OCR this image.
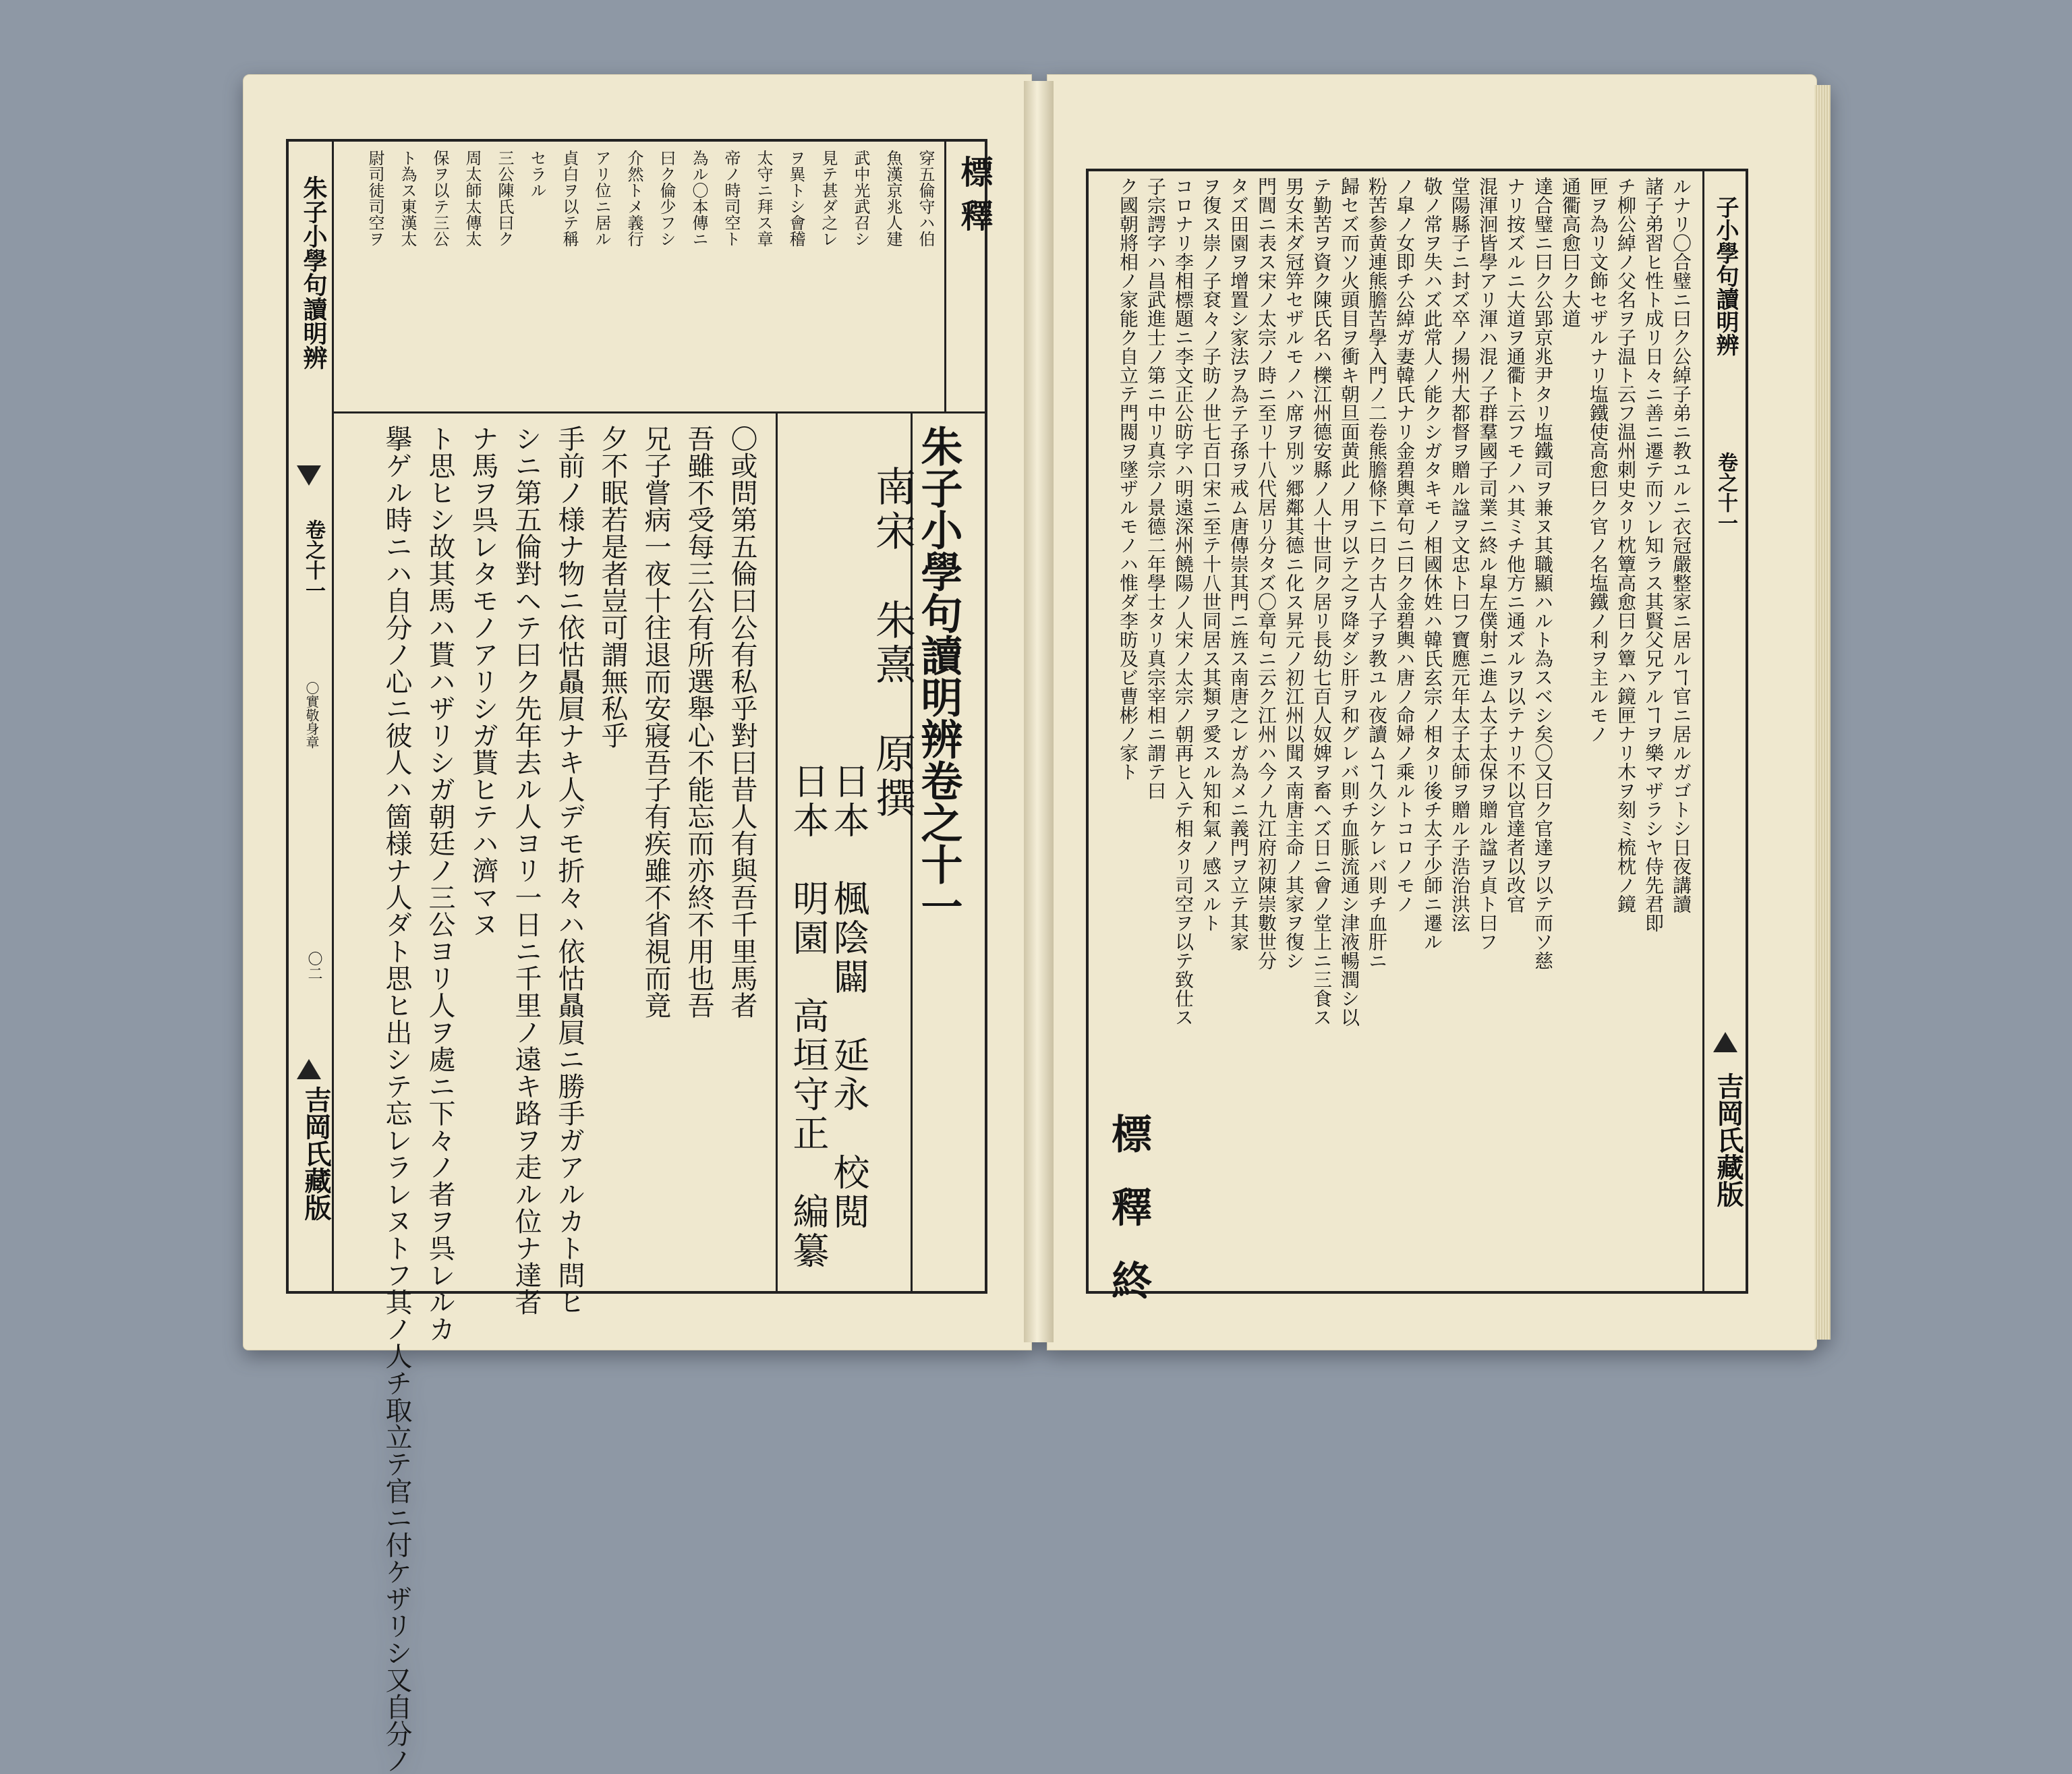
朱子小學句讀明辨
卷之十一
〇實敬身章
〇二
吉岡氏藏版
標 釋
穿五倫守ハ伯
魚漢京兆人建
武中光武召シ
見テ甚ダ之レ
ヲ異トシ會稽
太守ニ拜ス章
帝ノ時司空ト
為ル〇本傳ニ
曰ク倫少フシ
介然トメ義行
アリ位ニ居ル
貞白ヲ以テ稱
セラル
三公陳氏曰ク
周太師太傳太
保ヲ以テ三公
ト為ス東漢太
尉司徒司空ヲ
朱子小學句讀明辨卷之十一
南宋　朱熹　原撰
日本　楓陰闢　延永　校閲
日本　明園　高垣守正　編纂
〇或問第五倫曰公有私乎對曰昔人有與吾千里馬者
吾雖不受每三公有所選舉心不能忘而亦終不用也吾
兄子嘗病一夜十往退而安寢吾子有疾雖不省視而竟
夕不眠若是者豈可謂無私乎
手前ノ様ナ物ニ依怙贔屓ナキ人デモ折々ハ依怙贔屓ニ勝手ガアルカト問ヒ
シニ第五倫對ヘテ曰ク先年去ル人ヨリ一日ニ千里ノ遠キ路ヲ走ル位ナ達者
ナ馬ヲ呉レタモノアリシガ貰ヒテハ濟マヌ
ト思ヒシ故其馬ハ貰ハザリシガ朝廷ノ三公ヨリ人ヲ處ニ下々ノ者ヲ呉レルカ
擧ゲル時ニハ自分ノ心ニ彼人ハ箇様ナ人ダト思ヒ出シテ忘レラレヌトフ其ノ人チ取立テ官ニ付ケザリシ又自分ノ
子小學句讀明辨
卷之十一
吉岡氏藏版
ルナリ〇合璧ニ曰ク公綽子弟ニ教ユルニ衣冠嚴整家ニ居ルヿ官ニ居ルガゴトシ日夜講讀
諸子弟習ヒ性ト成リ日々ニ善ニ遷テ而ソレ知ラス其賢父兄アルヿヲ樂マザラシヤ侍先君即
チ柳公綽ノ父名ヲ子温ト云フ温州刺史タリ枕簟高愈曰ク簟ハ鏡匣ナリ木ヲ刻ミ梳枕ノ鏡
匣ヲ為リ文飾セザルナリ塩鐵使高愈曰ク官ノ名塩鐵ノ利ヲ主ルモノ
通衢高愈曰ク大道
達合璧ニ曰ク公郢京兆尹タリ塩鐵司ヲ兼ヌ其職顯ハルト為スベシ矣〇又曰ク官達ヲ以テ而ソ慈
ナリ按ズルニ大道ヲ通衢ト云フモノハ其ミチ他方ニ通ズルヲ以テナリ不以官達者以改官
混渾洄皆學アリ渾ハ混ノ子群羣國子司業ニ終ル皐左僕射ニ進ム太子太保ヲ贈ル諡ヲ貞ト曰フ
堂陽縣子ニ封ズ卒ノ揚州大都督ヲ贈ル諡ヲ文忠ト曰フ寶應元年太子太師ヲ贈ル子浩治洪泫
敬ノ常ヲ失ハズ此常人ノ能クシガタキモノ相國休姓ハ韓氏玄宗ノ相タリ後チ太子少師ニ遷ル
ノ皐ノ女即チ公綽ガ妻韓氏ナリ金碧輿章句ニ曰ク金碧輿ハ唐ノ命婦ノ乘ルトコロノモノ
粉苦参黄連熊膽苦學入門ノ二卷熊膽條下ニ曰ク古人子ヲ教ユル夜讀ムヿ久シケレバ則チ血肝ニ
歸セズ而ソ火頭目ヲ衝キ朝旦面黄此ノ用ヲ以テ之ヲ降ダシ肝ヲ和グレバ則チ血脈流通シ津液暢潤シ以
テ勤苦ヲ資ク陳氏名ハ櫟江州德安縣ノ人十世同ク居リ長幼七百人奴婢ヲ畜ヘズ日ニ會ノ堂上ニ三食ス
男女未ダ冠笄セザルモノハ席ヲ別ッ郷鄰其德ニ化ス昇元ノ初江州以聞ス南唐主命ノ其家ヲ復シ
門閭ニ表ス宋ノ太宗ノ時ニ至リ十八代居リ分タズ〇章句ニ云ク江州ハ今ノ九江府初陳崇數世分
タズ田園ヲ增置シ家法ヲ為テ子孫ヲ戒ム唐傳崇其門ニ旌ス南唐之レガ為メニ義門ヲ立テ其家
ヲ復ス崇ノ子袞々ノ子昉ノ世七百口宋ニ至テ十八世同居ス其類ヲ愛スル知和氣ノ感スルト
コロナリ李相標題ニ李文正公昉字ハ明遠深州饒陽ノ人宋ノ太宗ノ朝再ヒ入テ相タリ司空ヲ以テ致仕ス
子宗諤字ハ昌武進士ノ第ニ中リ真宗ノ景德二年學士タリ真宗宰相ニ謂テ曰
ク國朝將相ノ家能ク自立テ門閥ヲ墜ザルモノハ惟ダ李昉及ビ曹彬ノ家ト
標 釋 終
